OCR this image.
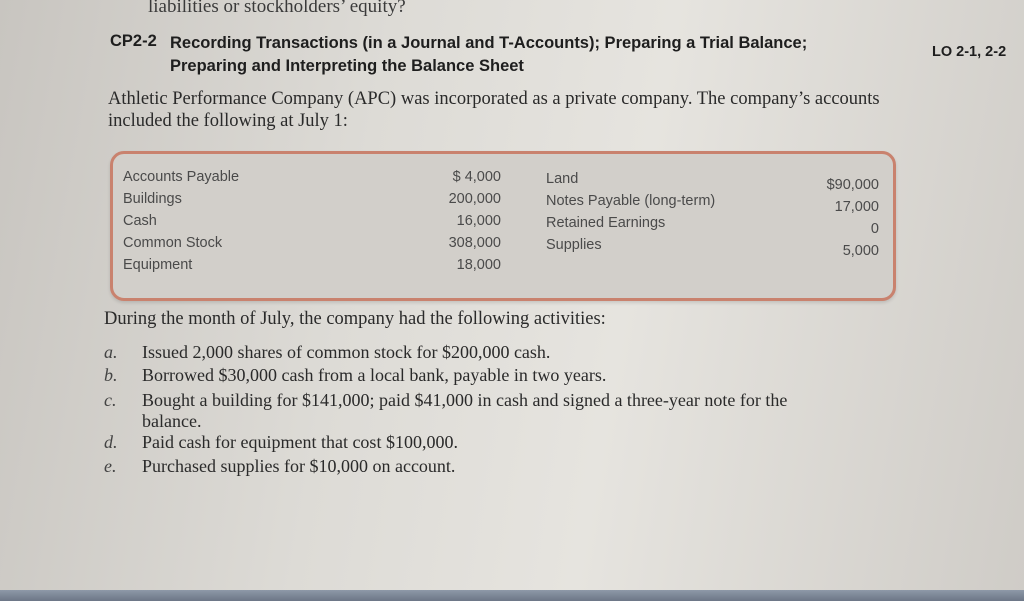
liabilities or stockholders’ equity?
CP2-2 Recording Transactions (in a Journal and T-Accounts); Preparing a Trial Balance;
Preparing and Interpreting the Balance Sheet
LO 2-1, 2-2
Athletic Performance Company (APC) was incorporated as a private company. The company’s accounts included the following at July 1:
Accounts Payable
Buildings
Cash
Common Stock
Equipment
$ 4,000
200,000
16,000
308,000
18,000
Land
Notes Payable (long-term)
Retained Earnings
Supplies
$90,000
17,000
0
5,000
During the month of July, the company had the following activities:
a. Issued 2,000 shares of common stock for $200,000 cash.
b. Borrowed $30,000 cash from a local bank, payable in two years.
c. Bought a building for $141,000; paid $41,000 in cash and signed a three-year note for the
balance.
d. Paid cash for equipment that cost $100,000.
e. Purchased supplies for $10,000 on account.
